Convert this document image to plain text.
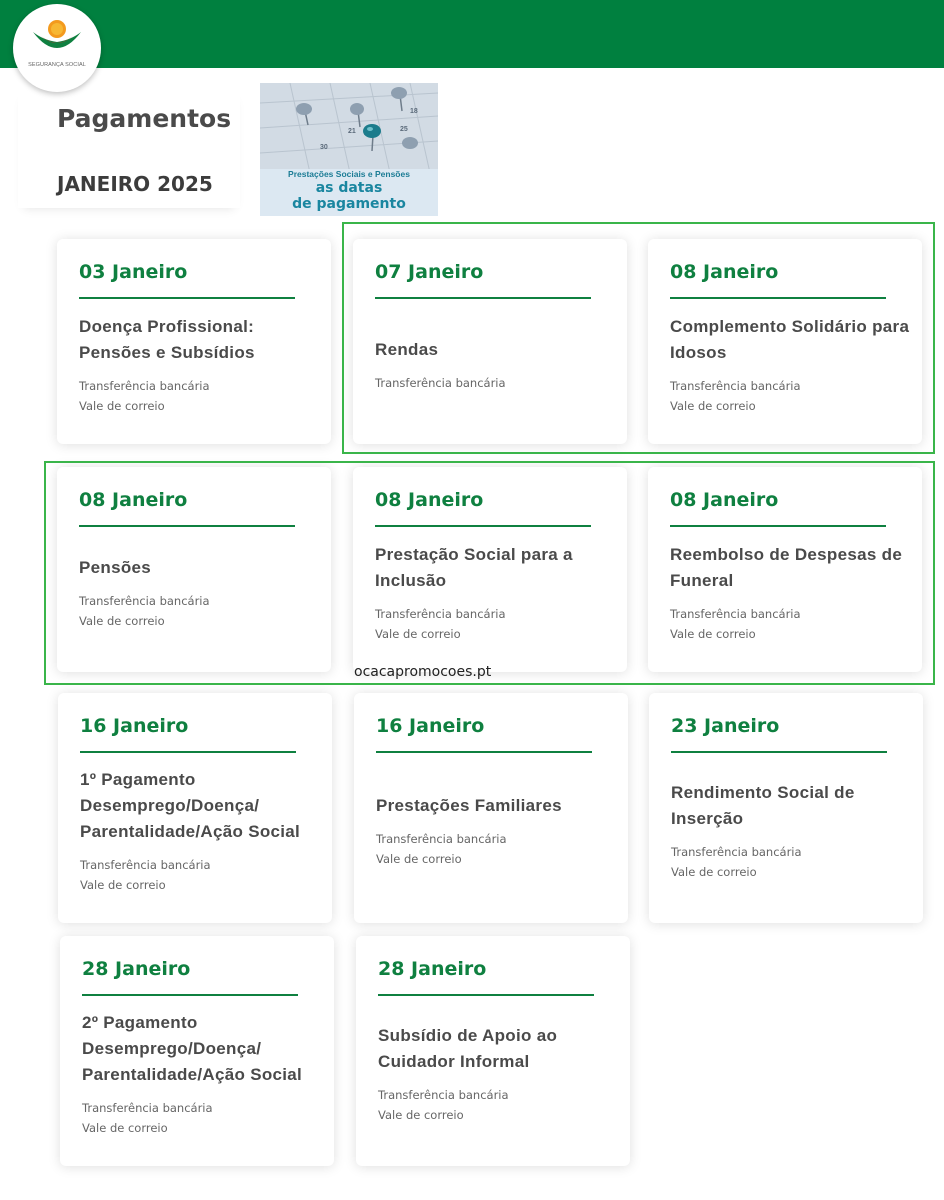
SEGURANÇA SOCIAL
Pagamentos
JANEIRO 2025
21
30
18
25
Prestações Sociais e Pensões
as datas
de pagamento
03 Janeiro
Doença Profissional: Pensões e Subsídios
Transferência bancária
Vale de correio
07 Janeiro
Rendas
Transferência bancária
08 Janeiro
Complemento Solidário para Idosos
Transferência bancária
Vale de correio
08 Janeiro
Pensões
Transferência bancária
Vale de correio
08 Janeiro
Prestação Social para a Inclusão
Transferência bancária
Vale de correio
08 Janeiro
Reembolso de Despesas de Funeral
Transferência bancária
Vale de correio
16 Janeiro
1º Pagamento Desemprego/Doença/ Parentalidade/Ação Social
Transferência bancária
Vale de correio
16 Janeiro
Prestações Familiares
Transferência bancária
Vale de correio
23 Janeiro
Rendimento Social de Inserção
Transferência bancária
Vale de correio
28 Janeiro
2º Pagamento Desemprego/Doença/ Parentalidade/Ação Social
Transferência bancária
Vale de correio
28 Janeiro
Subsídio de Apoio ao Cuidador Informal
Transferência bancária
Vale de correio
ocacapromocoes.pt
